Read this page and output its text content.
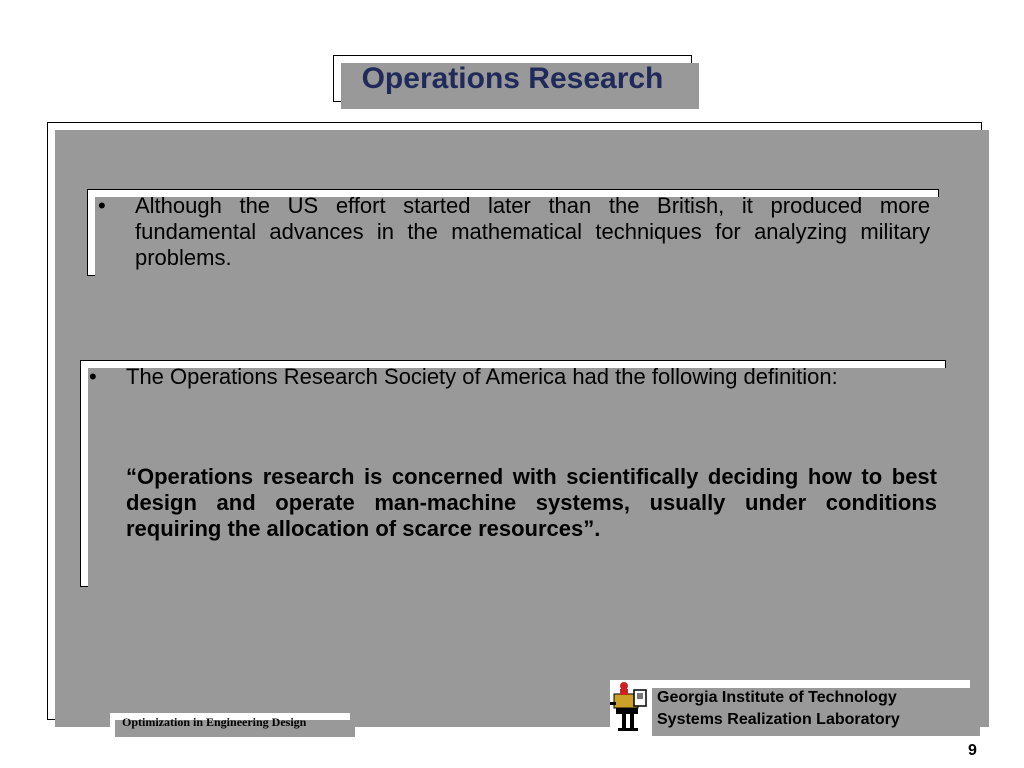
Operations Research
•	Although the US effort started later than the British, it produced more fundamental advances in the mathematical techniques for analyzing military problems.
•	The Operations Research Society of America had the following definition:
“Operations research is concerned with scientifically deciding how to best design and operate man-machine systems, usually under conditions requiring the allocation of scarce resources”.
Optimization in Engineering Design
Georgia Institute of Technology
Systems Realization Laboratory
9
